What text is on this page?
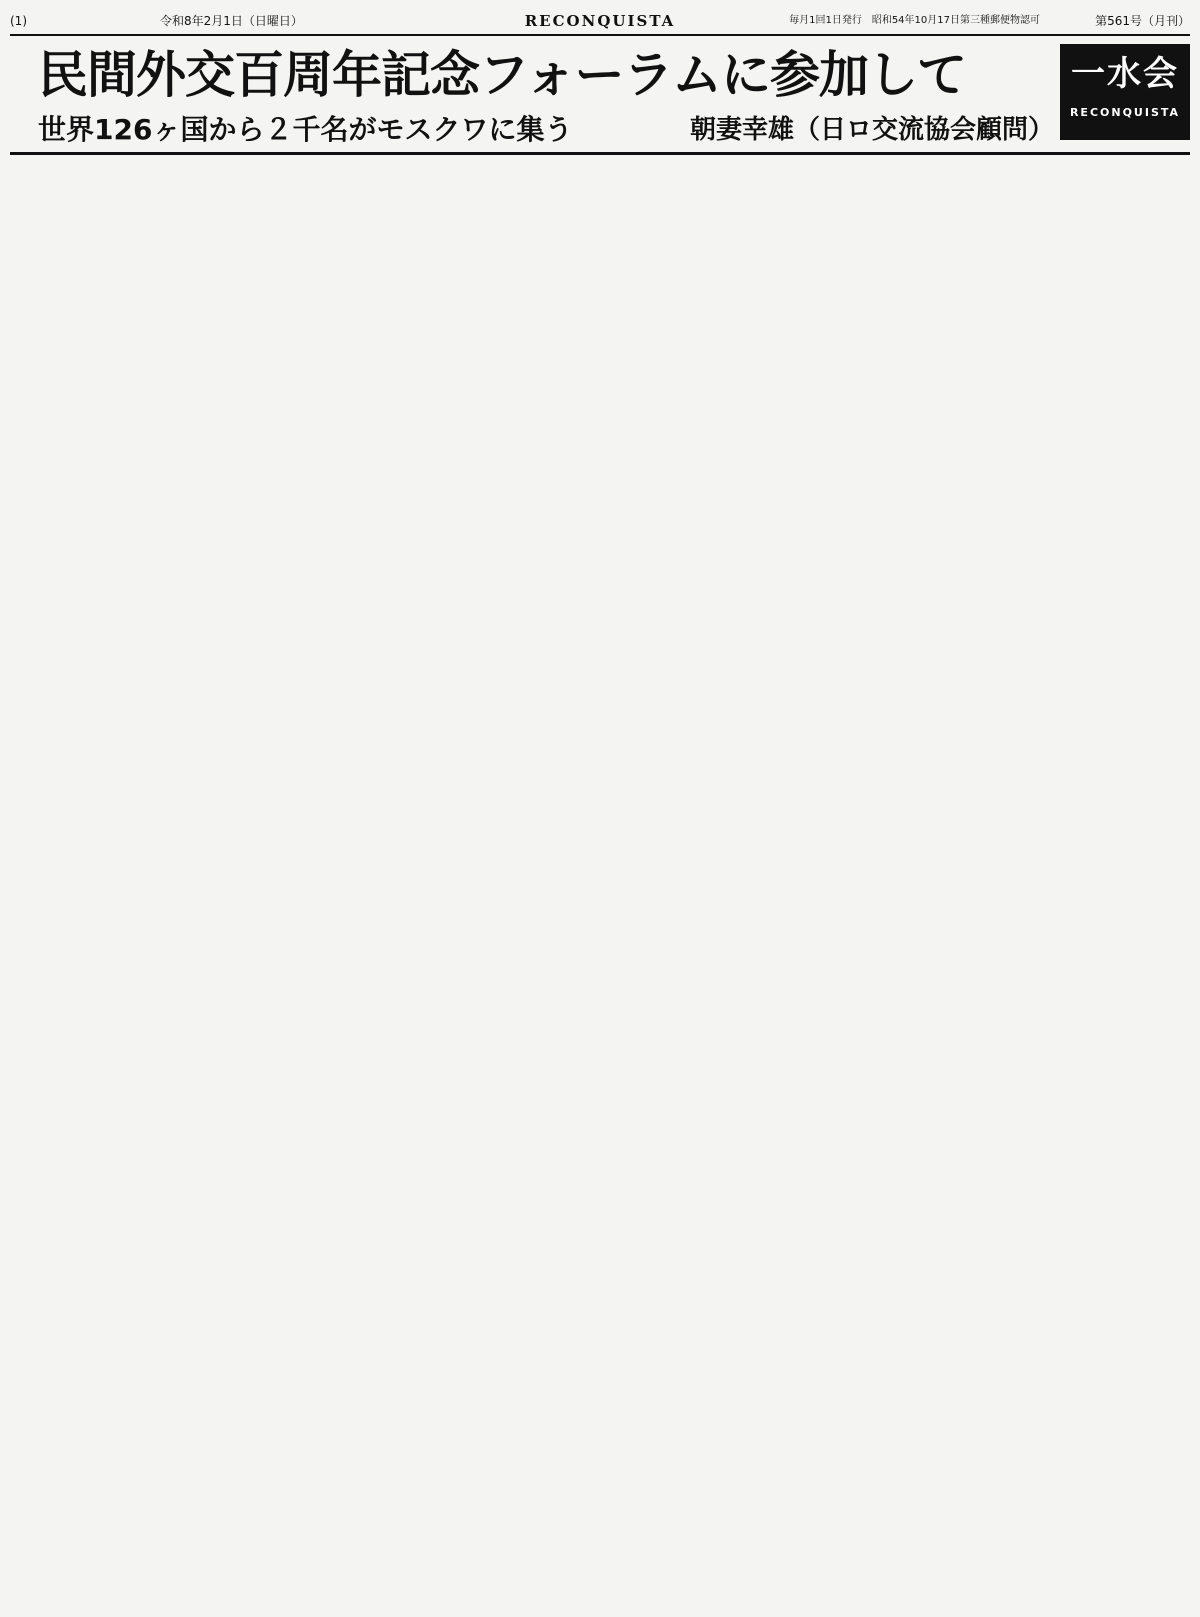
(1)	令和8年2月1日（日曜日）	RECONQUISTA	毎月1回1日発行　昭和54年10月17日第三種郵便物認可	第561号（月刊）
民間外交百周年記念フォーラムに参加して
世界126ヶ国から２千名がモスクワに集う	朝妻幸雄（日ロ交流協会顧問）
一水会
RECONQUISTA
